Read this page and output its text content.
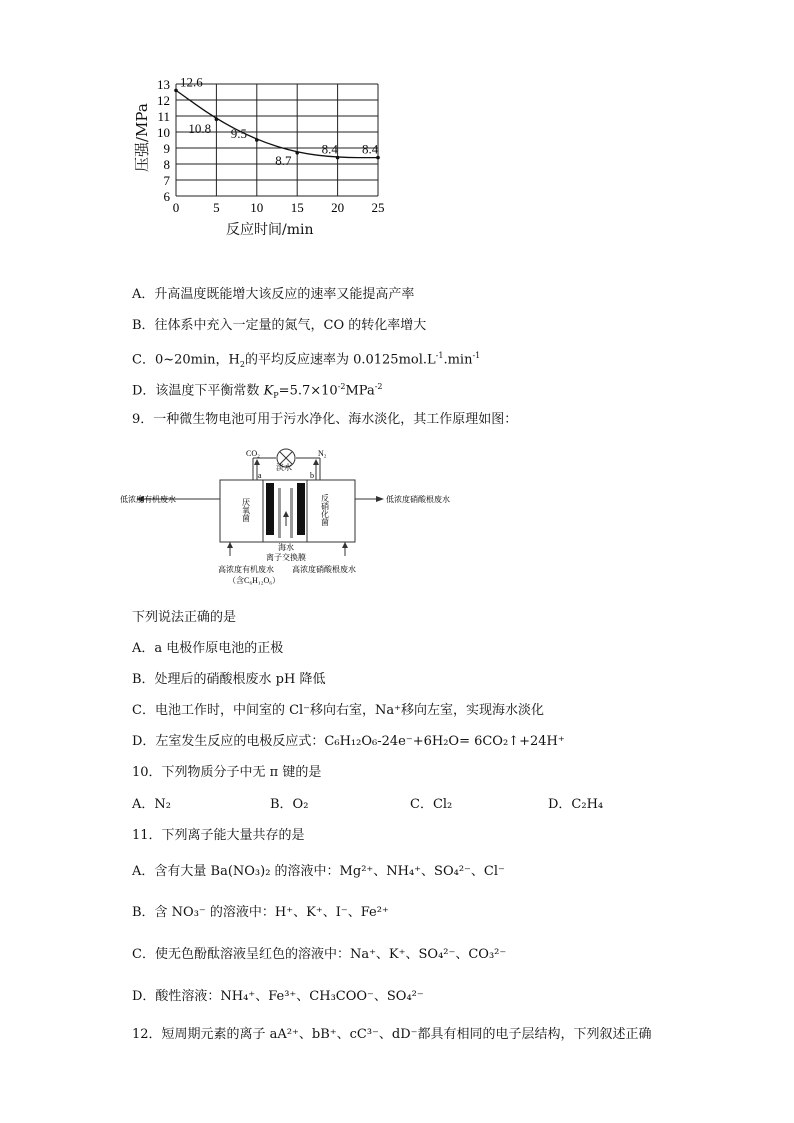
0	5 10 15 20 25
6
7
8
9
10
11
12
13 12.6
10.8 9.5
8.7
8.4 8.4
压强/MPa
反应时间/min
A．升高温度既能增大该反应的速率又能提高产率
B．往体系中充入一定量的氮气，CO 的转化率增大
C．0~20min，$H_2$的平均反应速率为 $0.0125mol.L^{-1}.\min^{-1}$
D．该温度下平衡常数 $K_P=5.7\times 10^{-2}MPa^{-2}$
9．一种微生物电池可用于污水净化、海水淡化，其工作原理如图：
CO₂	N₂
a	b
淡水
低浓度有机废水	低浓度硝酸根废水
厌氧菌	反硝化菌
海水
离子交换膜
高浓度有机废水
（含C₆H₁₂O₆）
高浓度硝酸根废水
下列说法正确的是
A．a 电极作原电池的正极
B．处理后的硝酸根废水 pH 降低
C．电池工作时，中间室的 Cl⁻移向右室，Na⁺移向左室，实现海水淡化
D．左室发生反应的电极反应式：C₆H₁₂O₆-24e⁻+6H₂O= 6CO₂↑+24H⁺
10．下列物质分子中无 π 键的是
A．N₂	B．O₂	C．Cl₂	D．C₂H₄
11．下列离子能大量共存的是
A．含有大量 Ba(NO₃)₂ 的溶液中：Mg²⁺、NH₄⁺、SO₄²⁻、Cl⁻
B．含 NO₃⁻ 的溶液中：H⁺、K⁺、I⁻、Fe²⁺
C．使无色酚酞溶液呈红色的溶液中：Na⁺、K⁺、SO₄²⁻、CO₃²⁻
D．酸性溶液：NH₄⁺、Fe³⁺、CH₃COO⁻、SO₄²⁻
12．短周期元素的离子 aA²⁺、bB⁺、cC³⁻、dD⁻都具有相同的电子层结构，下列叙述正确
